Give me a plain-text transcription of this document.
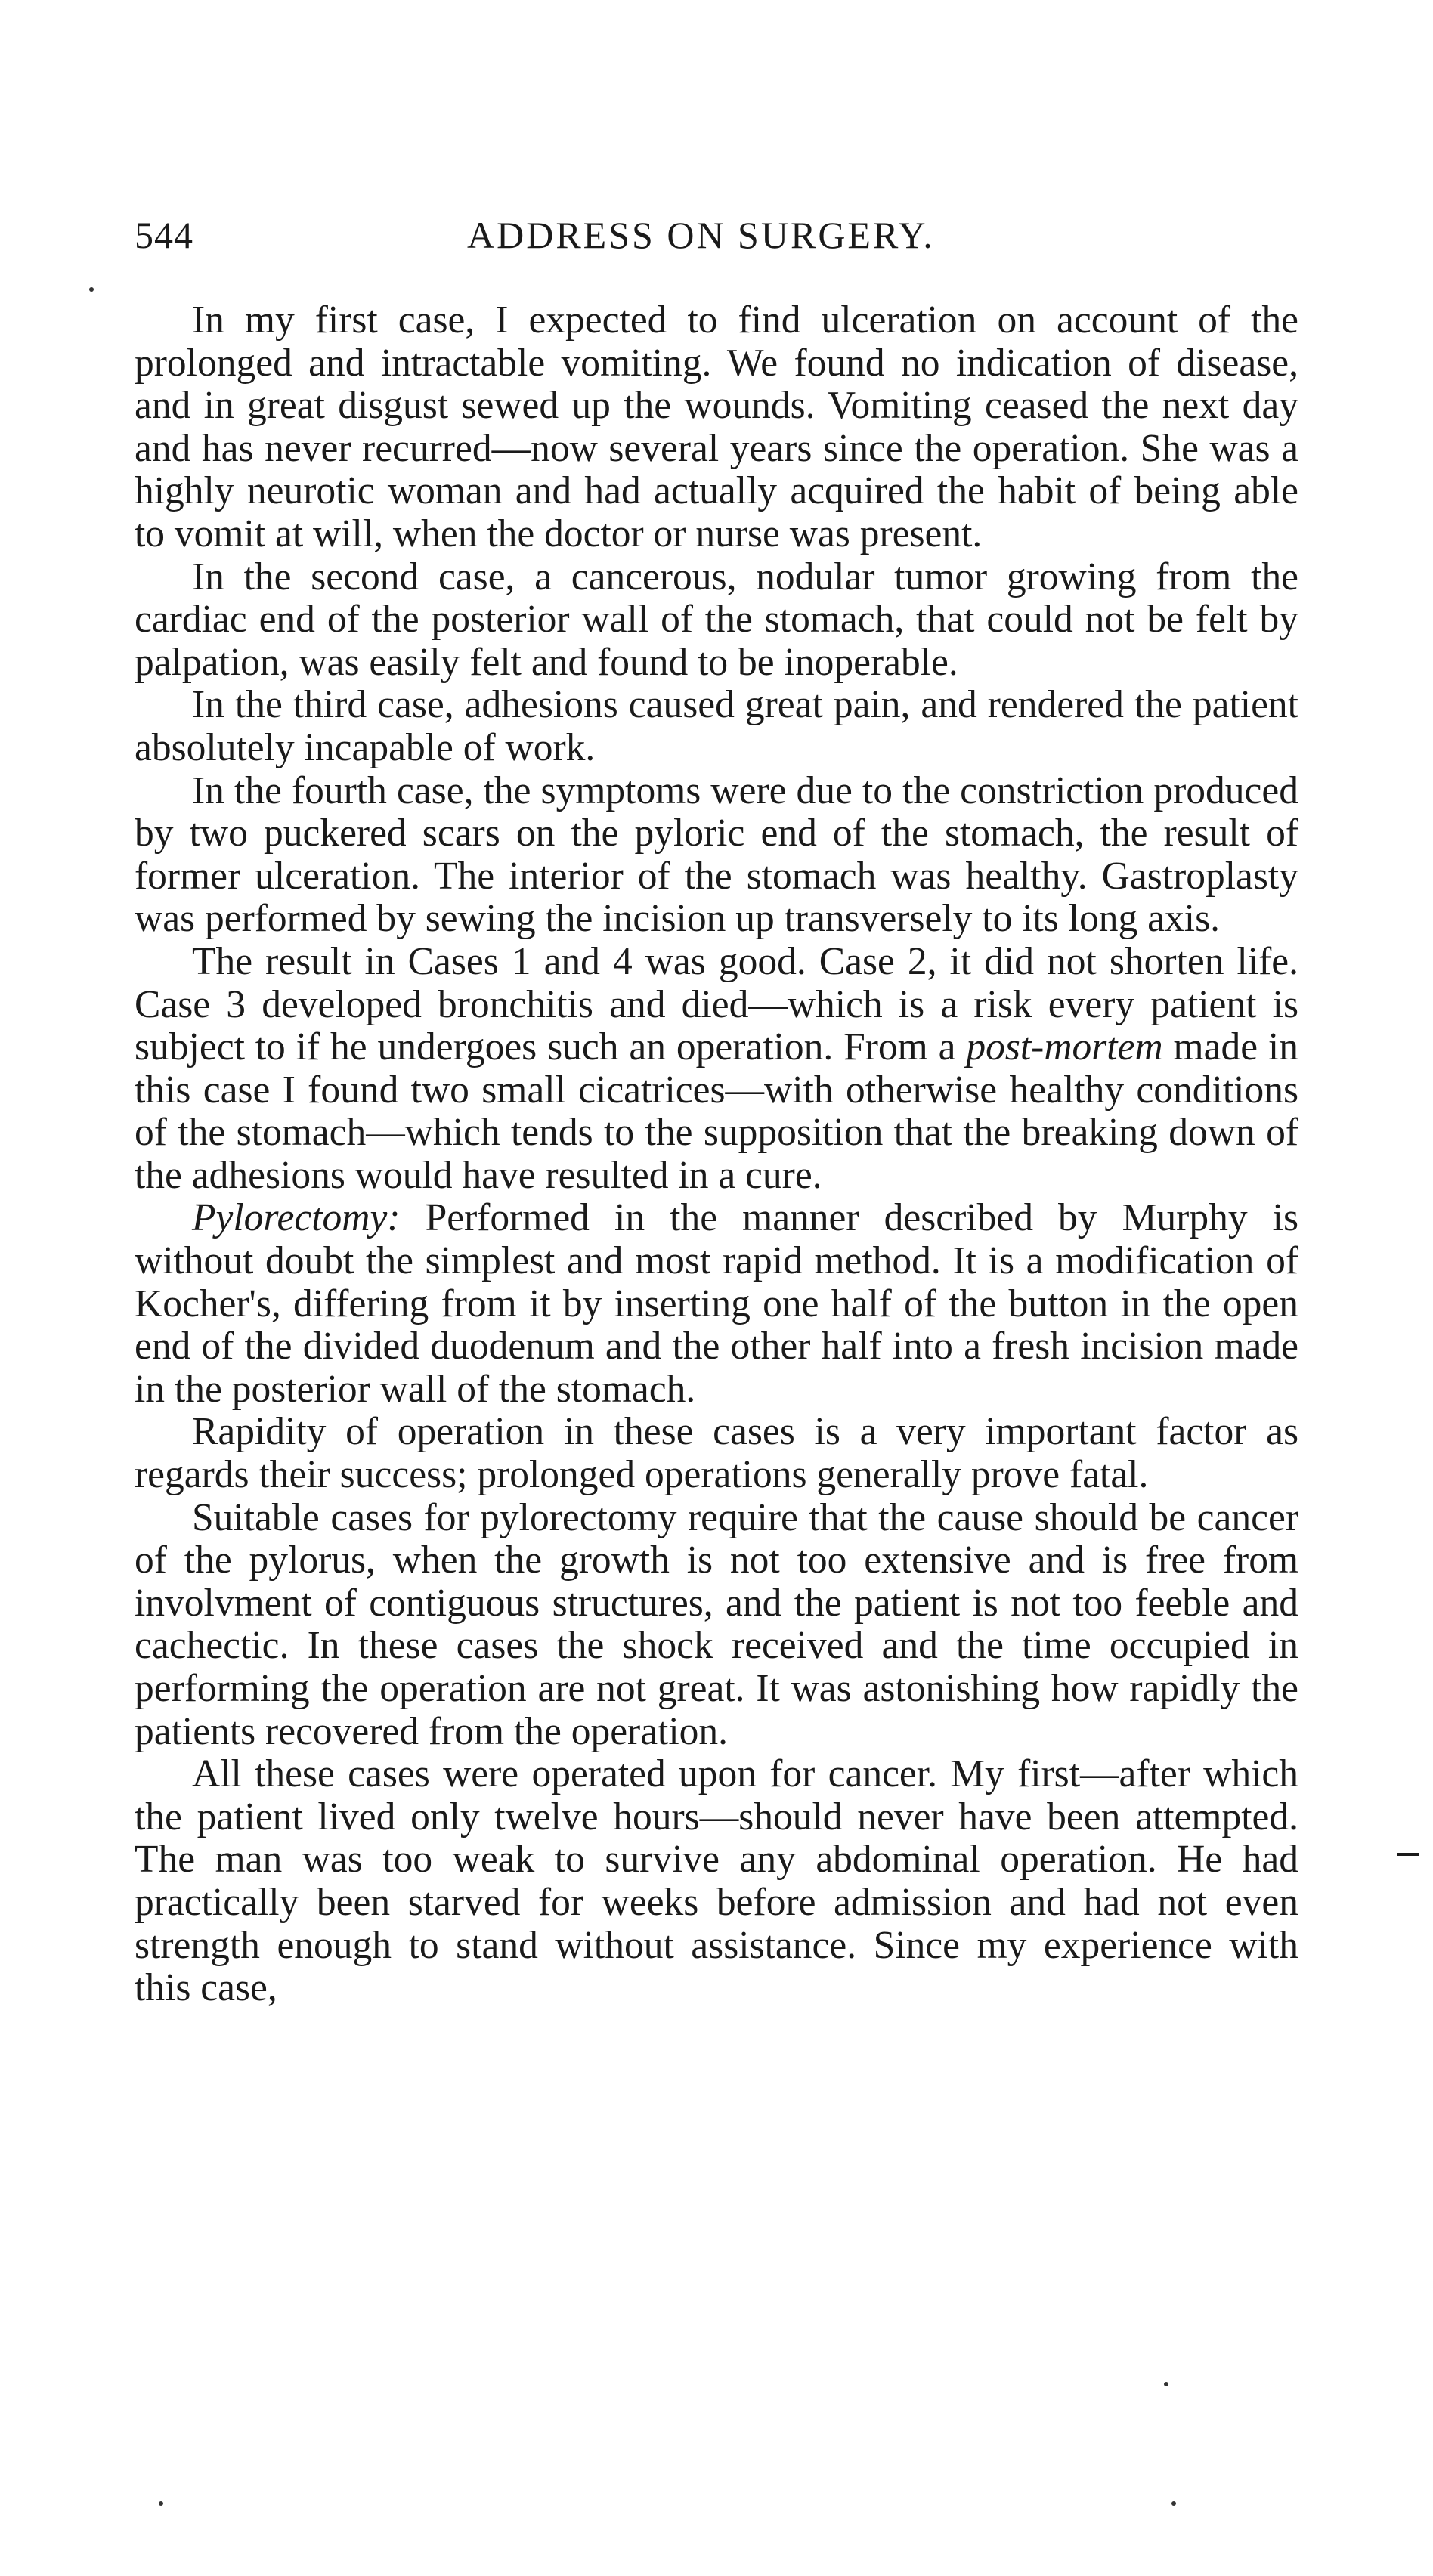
544	ADDRESS ON SURGERY.

In my first case, I expected to find ulceration on account of the prolonged and intractable vomiting. We found no indication of disease, and in great disgust sewed up the wounds. Vomiting ceased the next day and has never recurred—now several years since the operation. She was a highly neurotic woman and had actually acquired the habit of being able to vomit at will, when the doctor or nurse was present.

In the second case, a cancerous, nodular tumor growing from the cardiac end of the posterior wall of the stomach, that could not be felt by palpation, was easily felt and found to be inoperable.

In the third case, adhesions caused great pain, and rendered the patient absolutely incapable of work.

In the fourth case, the symptoms were due to the constriction produced by two puckered scars on the pyloric end of the stomach, the result of former ulceration. The interior of the stomach was healthy. Gastroplasty was performed by sewing the incision up transversely to its long axis.

The result in Cases 1 and 4 was good. Case 2, it did not shorten life. Case 3 developed bronchitis and died—which is a risk every patient is subject to if he undergoes such an operation. From a post-mortem made in this case I found two small cicatrices—with otherwise healthy conditions of the stomach—which tends to the supposition that the breaking down of the adhesions would have resulted in a cure.

Pylorectomy: Performed in the manner described by Murphy is without doubt the simplest and most rapid method. It is a modification of Kocher's, differing from it by inserting one half of the button in the open end of the divided duodenum and the other half into a fresh incision made in the posterior wall of the stomach.

Rapidity of operation in these cases is a very important factor as regards their success; prolonged operations generally prove fatal.

Suitable cases for pylorectomy require that the cause should be cancer of the pylorus, when the growth is not too extensive and is free from involvment of contiguous structures, and the patient is not too feeble and cachectic. In these cases the shock received and the time occupied in performing the operation are not great. It was astonishing how rapidly the patients recovered from the operation.

All these cases were operated upon for cancer. My first—after which the patient lived only twelve hours—should never have been attempted. The man was too weak to survive any abdominal operation. He had practically been starved for weeks before admission and had not even strength enough to stand without assistance. Since my experience with this case,
